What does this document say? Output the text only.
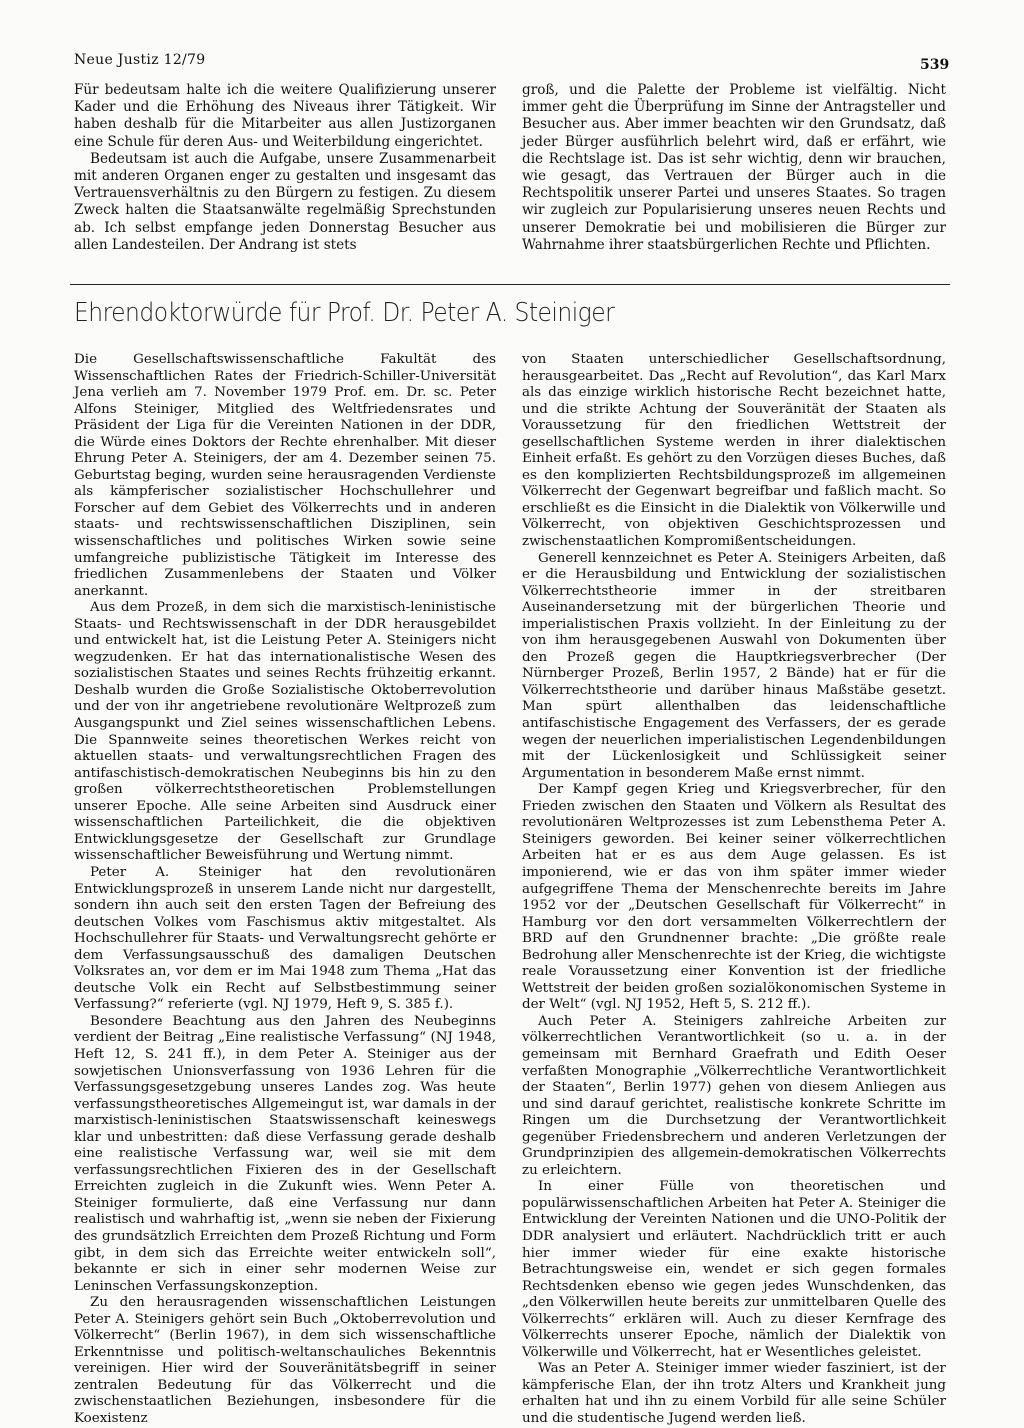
Neue Justiz 12/79	539

Für bedeutsam halte ich die weitere Qualifizierung unserer Kader und die Erhöhung des Niveaus ihrer Tätigkeit. Wir haben deshalb für die Mitarbeiter aus allen Justizorganen eine Schule für deren Aus- und Weiterbildung eingerichtet.

Bedeutsam ist auch die Aufgabe, unsere Zusammenarbeit mit anderen Organen enger zu gestalten und insgesamt das Vertrauensverhältnis zu den Bürgern zu festigen. Zu diesem Zweck halten die Staatsanwälte regelmäßig Sprechstunden ab. Ich selbst empfange jeden Donnerstag Besucher aus allen Landesteilen. Der Andrang ist stets

groß, und die Palette der Probleme ist vielfältig. Nicht immer geht die Überprüfung im Sinne der Antragsteller und Besucher aus. Aber immer beachten wir den Grundsatz, daß jeder Bürger ausführlich belehrt wird, daß er erfährt, wie die Rechtslage ist. Das ist sehr wichtig, denn wir brauchen, wie gesagt, das Vertrauen der Bürger auch in die Rechtspolitik unserer Partei und unseres Staates. So tragen wir zugleich zur Popularisierung unseres neuen Rechts und unserer Demokratie bei und mobilisieren die Bürger zur Wahrnahme ihrer staatsbürgerlichen Rechte und Pflichten.

Ehrendoktorwürde für Prof. Dr. Peter A. Steiniger

Die Gesellschaftswissenschaftliche Fakultät des Wissenschaftlichen Rates der Friedrich-Schiller-Universität Jena verlieh am 7. November 1979 Prof. em. Dr. sc. Peter Alfons Steiniger, Mitglied des Weltfriedensrates und Präsident der Liga für die Vereinten Nationen in der DDR, die Würde eines Doktors der Rechte ehrenhalber. Mit dieser Ehrung Peter A. Steinigers, der am 4. Dezember seinen 75. Geburtstag beging, wurden seine herausragenden Verdienste als kämpferischer sozialistischer Hochschullehrer und Forscher auf dem Gebiet des Völkerrechts und in anderen staats- und rechtswissenschaftlichen Disziplinen, sein wissenschaftliches und politisches Wirken sowie seine umfangreiche publizistische Tätigkeit im Interesse des friedlichen Zusammenlebens der Staaten und Völker anerkannt.

Aus dem Prozeß, in dem sich die marxistisch-leninistische Staats- und Rechtswissenschaft in der DDR herausgebildet und entwickelt hat, ist die Leistung Peter A. Steinigers nicht wegzudenken. Er hat das internationalistische Wesen des sozialistischen Staates und seines Rechts frühzeitig erkannt. Deshalb wurden die Große Sozialistische Oktoberrevolution und der von ihr angetriebene revolutionäre Weltprozeß zum Ausgangspunkt und Ziel seines wissenschaftlichen Lebens. Die Spannweite seines theoretischen Werkes reicht von aktuellen staats- und verwaltungsrechtlichen Fragen des antifaschistisch-demokratischen Neubeginns bis hin zu den großen völkerrechtstheoretischen Problemstellungen unserer Epoche. Alle seine Arbeiten sind Ausdruck einer wissenschaftlichen Parteilichkeit, die die objektiven Entwicklungsgesetze der Gesellschaft zur Grundlage wissenschaftlicher Beweisführung und Wertung nimmt.

Peter A. Steiniger hat den revolutionären Entwicklungsprozeß in unserem Lande nicht nur dargestellt, sondern ihn auch seit den ersten Tagen der Befreiung des deutschen Volkes vom Faschismus aktiv mitgestaltet. Als Hochschullehrer für Staats- und Verwaltungsrecht gehörte er dem Verfassungsausschuß des damaligen Deutschen Volksrates an, vor dem er im Mai 1948 zum Thema „Hat das deutsche Volk ein Recht auf Selbstbestimmung seiner Verfassung?“ referierte (vgl. NJ 1979, Heft 9, S. 385 f.).

Besondere Beachtung aus den Jahren des Neubeginns verdient der Beitrag „Eine realistische Verfassung“ (NJ 1948, Heft 12, S. 241 ff.), in dem Peter A. Steiniger aus der sowjetischen Unionsverfassung von 1936 Lehren für die Verfassungsgesetzgebung unseres Landes zog. Was heute verfassungstheoretisches Allgemeingut ist, war damals in der marxistisch-leninistischen Staatswissenschaft keineswegs klar und unbestritten: daß diese Verfassung gerade deshalb eine realistische Verfassung war, weil sie mit dem verfassungsrechtlichen Fixieren des in der Gesellschaft Erreichten zugleich in die Zukunft wies. Wenn Peter A. Steiniger formulierte, daß eine Verfassung nur dann realistisch und wahrhaftig ist, „wenn sie neben der Fixierung des grundsätzlich Erreichten dem Prozeß Richtung und Form gibt, in dem sich das Erreichte weiter entwickeln soll“, bekannte er sich in einer sehr modernen Weise zur Leninschen Verfassungskonzeption.

Zu den herausragenden wissenschaftlichen Leistungen Peter A. Steinigers gehört sein Buch „Oktoberrevolution und Völkerrecht“ (Berlin 1967), in dem sich wissenschaftliche Erkenntnisse und politisch-weltanschauliches Bekenntnis vereinigen. Hier wird der Souveränitätsbegriff in seiner zentralen Bedeutung für das Völkerrecht und die zwischenstaatlichen Beziehungen, insbesondere für die Koexistenz

von Staaten unterschiedlicher Gesellschaftsordnung, herausgearbeitet. Das „Recht auf Revolution“, das Karl Marx als das einzige wirklich historische Recht bezeichnet hatte, und die strikte Achtung der Souveränität der Staaten als Voraussetzung für den friedlichen Wettstreit der gesellschaftlichen Systeme werden in ihrer dialektischen Einheit erfaßt. Es gehört zu den Vorzügen dieses Buches, daß es den komplizierten Rechtsbildungsprozeß im allgemeinen Völkerrecht der Gegenwart begreifbar und faßlich macht. So erschließt es die Einsicht in die Dialektik von Völkerwille und Völkerrecht, von objektiven Geschichtsprozessen und zwischenstaatlichen Kompromißentscheidungen.

Generell kennzeichnet es Peter A. Steinigers Arbeiten, daß er die Herausbildung und Entwicklung der sozialistischen Völkerrechtstheorie immer in der streitbaren Auseinandersetzung mit der bürgerlichen Theorie und imperialistischen Praxis vollzieht. In der Einleitung zu der von ihm herausgegebenen Auswahl von Dokumenten über den Prozeß gegen die Hauptkriegsverbrecher (Der Nürnberger Prozeß, Berlin 1957, 2 Bände) hat er für die Völkerrechtstheorie und darüber hinaus Maßstäbe gesetzt. Man spürt allenthalben das leidenschaftliche antifaschistische Engagement des Verfassers, der es gerade wegen der neuerlichen imperialistischen Legendenbildungen mit der Lückenlosigkeit und Schlüssigkeit seiner Argumentation in besonderem Maße ernst nimmt.

Der Kampf gegen Krieg und Kriegsverbrecher, für den Frieden zwischen den Staaten und Völkern als Resultat des revolutionären Weltprozesses ist zum Lebensthema Peter A. Steinigers geworden. Bei keiner seiner völkerrechtlichen Arbeiten hat er es aus dem Auge gelassen. Es ist imponierend, wie er das von ihm später immer wieder aufgegriffene Thema der Menschenrechte bereits im Jahre 1952 vor der „Deutschen Gesellschaft für Völkerrecht“ in Hamburg vor den dort versammelten Völkerrechtlern der BRD auf den Grundnenner brachte: „Die größte reale Bedrohung aller Menschenrechte ist der Krieg, die wichtigste reale Voraussetzung einer Konvention ist der friedliche Wettstreit der beiden großen sozialökonomischen Systeme in der Welt“ (vgl. NJ 1952, Heft 5, S. 212 ff.).

Auch Peter A. Steinigers zahlreiche Arbeiten zur völkerrechtlichen Verantwortlichkeit (so u. a. in der gemeinsam mit Bernhard Graefrath und Edith Oeser verfaßten Monographie „Völkerrechtliche Verantwortlichkeit der Staaten“, Berlin 1977) gehen von diesem Anliegen aus und sind darauf gerichtet, realistische konkrete Schritte im Ringen um die Durchsetzung der Verantwortlichkeit gegenüber Friedensbrechern und anderen Verletzungen der Grundprinzipien des allgemein-demokratischen Völkerrechts zu erleichtern.

In einer Fülle von theoretischen und populärwissenschaftlichen Arbeiten hat Peter A. Steiniger die Entwicklung der Vereinten Nationen und die UNO-Politik der DDR analysiert und erläutert. Nachdrücklich tritt er auch hier immer wieder für eine exakte historische Betrachtungsweise ein, wendet er sich gegen formales Rechtsdenken ebenso wie gegen jedes Wunschdenken, das „den Völkerwillen heute bereits zur unmittelbaren Quelle des Völkerrechts“ erklären will. Auch zu dieser Kernfrage des Völkerrechts unserer Epoche, nämlich der Dialektik von Völkerwille und Völkerrecht, hat er Wesentliches geleistet.

Was an Peter A. Steiniger immer wieder fasziniert, ist der kämpferische Elan, der ihn trotz Alters und Krankheit jung erhalten hat und ihn zu einem Vorbild für alle seine Schüler und die studentische Jugend werden ließ.
